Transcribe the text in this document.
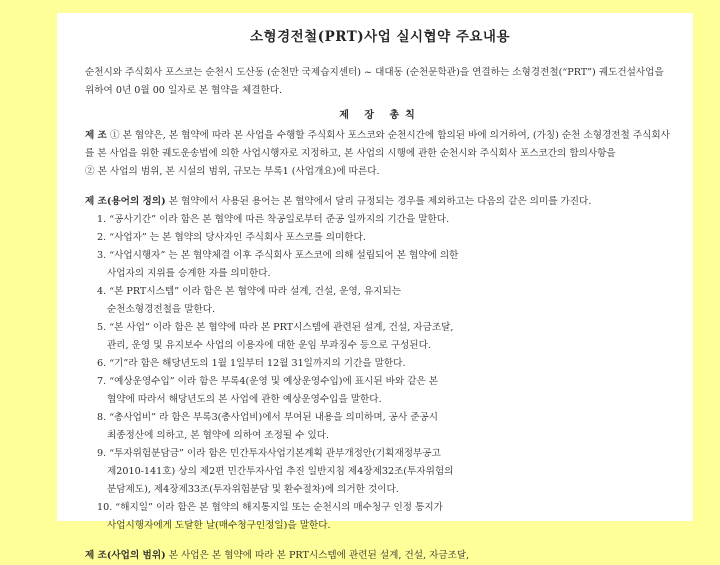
소형경전철(PRT)사업 실시협약 주요내용

순천시와 주식회사 포스코는 순천시 도산동 (순천만 국제습지센터) ~ 대대동 (순천문학관)을 연결하는 소형경전철(“PRT”) 궤도건설사업을 위하여 0년 0월 00 일자로 본 협약을 체결한다.

제 장 총칙

제 조 ① 본 협약은, 본 협약에 따라 본 사업을 수행할 주식회사 포스코와 순천시간에 합의된 바에 의거하여, (가칭) 순천 소형경전철 주식회사를 본 사업을 위한 궤도운송법에 의한 사업시행자로 지정하고, 본 사업의 시행에 관한 순천시와 주식회사 포스코간의 합의사항을

② 본 사업의 범위, 본 시설의 범위, 규모는 부록1 (사업개요)에 따른다.

제 조(용어의 정의) 본 협약에서 사용된 용어는 본 협약에서 달리 규정되는 경우를 제외하고는 다음의 같은 의미를 가진다.

1. “공사기간” 이라 함은 본 협약에 따른 착공일로부터 준공 일까지의 기간을 말한다.
2. “사업자” 는 본 협약의 당사자인 주식회사 포스코를 의미한다.
3. “사업시행자” 는 본 협약체결 이후 주식회사 포스코에 의해 설립되어 본 협약에 의한
사업자의 지위를 승계한 자를 의미한다.
4. “본 PRT시스템” 이라 함은 본 협약에 따라 설계, 건설, 운영, 유지되는
순천소형경전철을 말한다.
5. “본 사업” 이라 함은 본 협약에 따라 본 PRT시스템에 관련된 설계, 건설, 자금조달,
관리, 운영 및 유지보수 사업의 이용자에 대한 운임 부과징수 등으로 구성된다.
6. “기”라 함은 해당년도의 1월 1일부터 12월 31일까지의 기간을 말한다.
7. “예상운영수입” 이라 함은 부록4(운영 및 예상운영수입)에 표시된 바와 같은 본
협약에 따라서 해당년도의 본 사업에 관한 예상운영수입을 말한다.
8. “총사업비” 라 함은 부록3(총사업비)에서 부여된 내용을 의미하며, 공사 준공시
최종정산에 의하고, 본 협약에 의하여 조정될 수 있다.
9. “투자위험분담금” 이라 함은 민간투자사업기본계획 관부개정안(기획재정부공고
제2010-141호) 상의 제2편 민간투자사업 추진 일반지침 제4장제32조(투자위험의
분담제도), 제4장제33조(투자위험분담 및 환수절차)에 의거한 것이다.
10. “해지일” 이라 함은 본 협약의 해지통지일 또는 순천시의 매수청구 인정 통지가
사업시행자에게 도달한 날(매수청구인정일)을 말한다.

제 조(사업의 범위) 본 사업은 본 협약에 따라 본 PRT시스템에 관련된 설계, 건설, 자금조달,
